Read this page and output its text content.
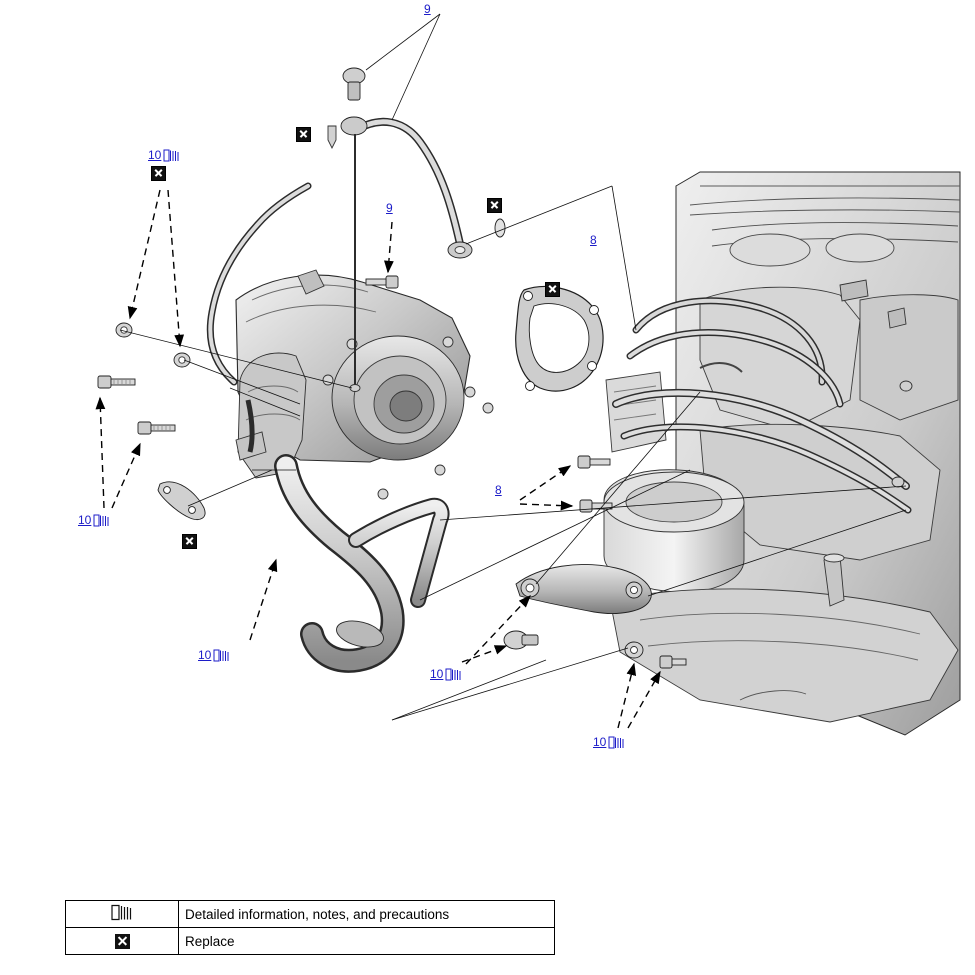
9
10
9
8
10
8
10
10
10
	Detailed information, notes, and precautions
	Replace
